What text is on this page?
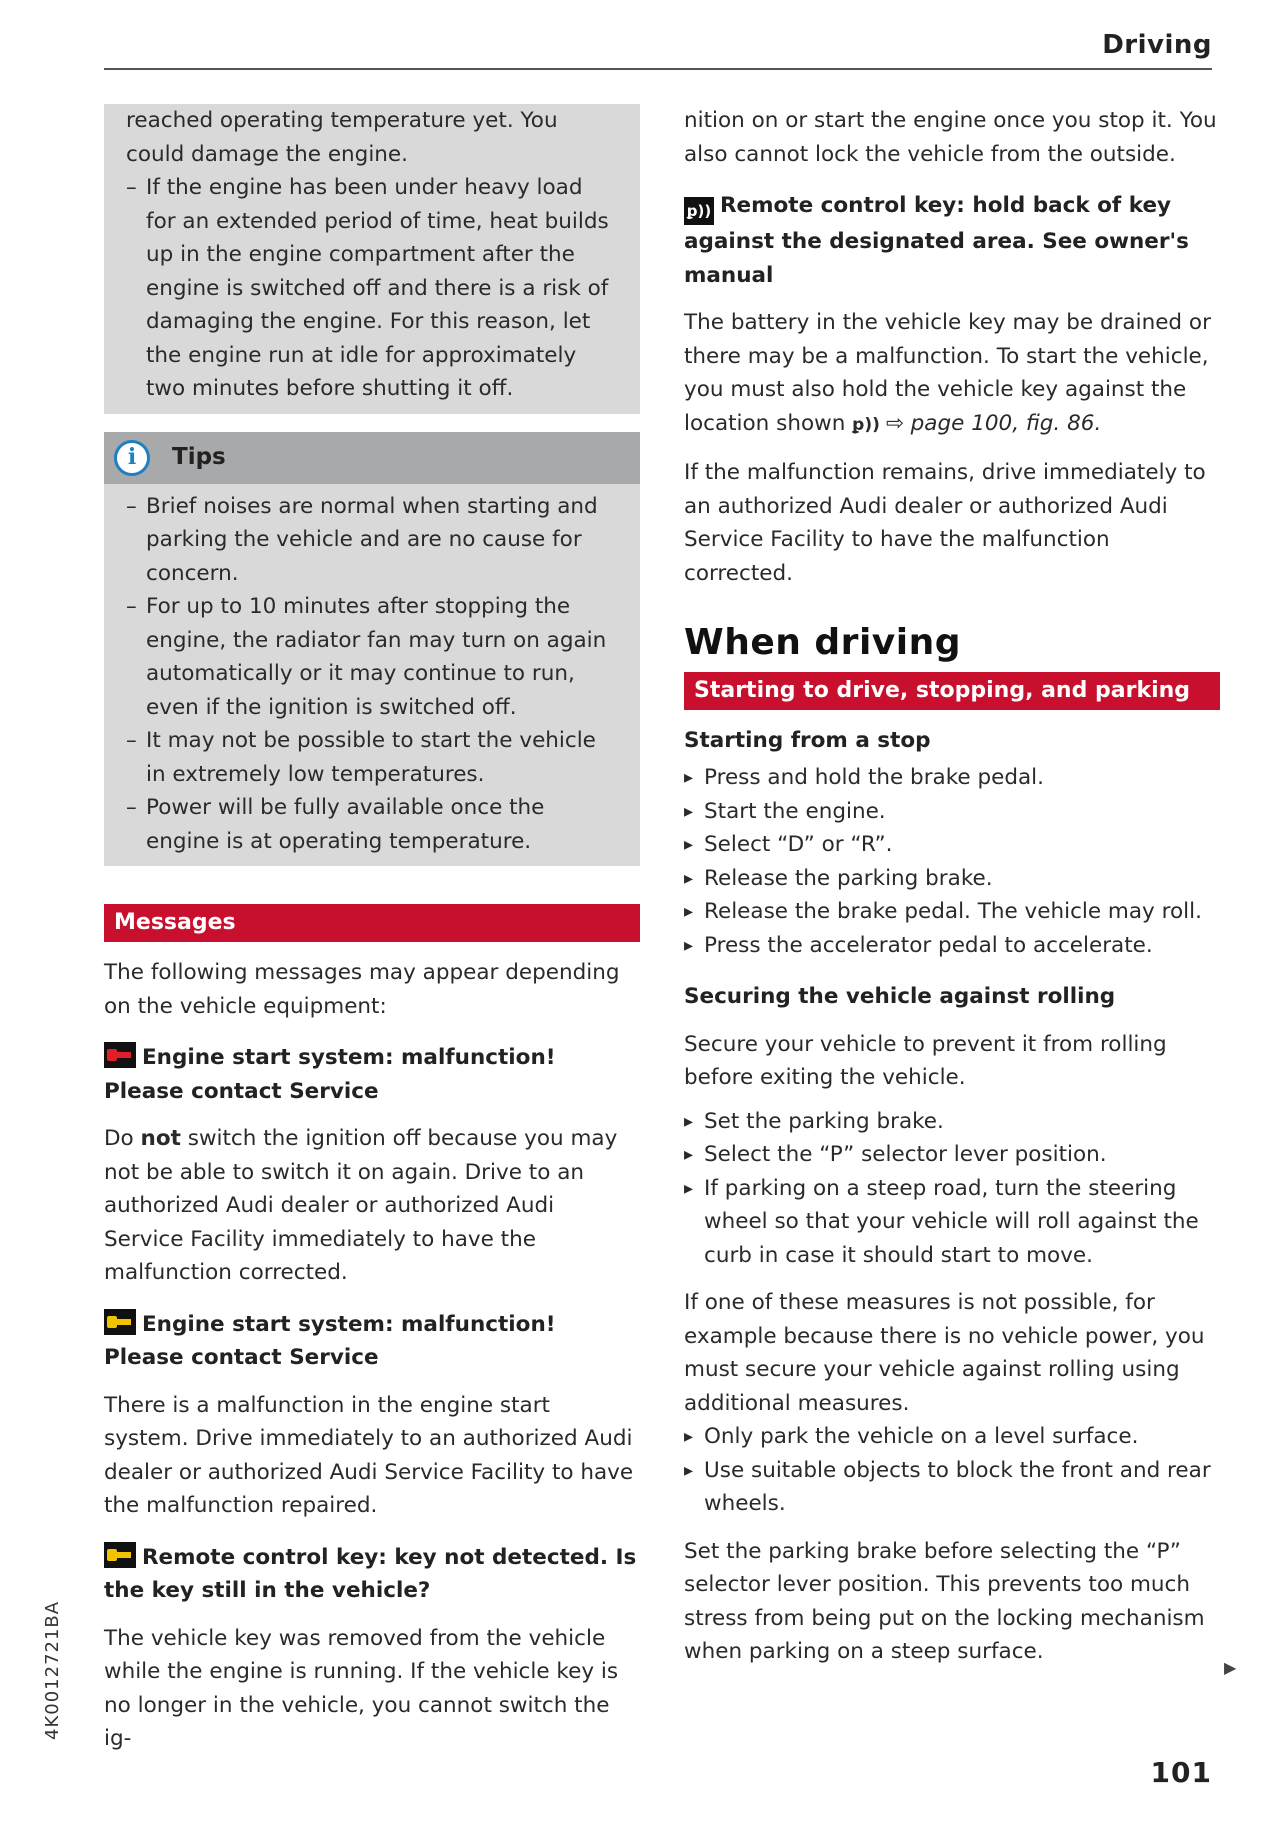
Driving

reached operating temperature yet. You could damage the engine.

– If the engine has been under heavy load for an extended period of time, heat builds up in the engine compartment after the engine is switched off and there is a risk of damaging the engine. For this reason, let the engine run at idle for approximately two minutes before shutting it off.
i	Tips
– Brief noises are normal when starting and parking the vehicle and are no cause for concern.
– For up to 10 minutes after stopping the engine, the radiator fan may turn on again automatically or it may continue to run, even if the ignition is switched off.
– It may not be possible to start the vehicle in extremely low temperatures.
– Power will be fully available once the engine is at operating temperature.
Messages

The following messages may appear depending on the vehicle equipment:

Engine start system: malfunction! Please contact Service

Do not switch the ignition off because you may not be able to switch it on again. Drive to an authorized Audi dealer or authorized Audi Service Facility immediately to have the malfunction corrected.

Engine start system: malfunction! Please contact Service

There is a malfunction in the engine start system. Drive immediately to an authorized Audi dealer or authorized Audi Service Facility to have the malfunction repaired.

Remote control key: key not detected. Is the key still in the vehicle?

The vehicle key was removed from the vehicle while the engine is running. If the vehicle key is no longer in the vehicle, you cannot switch the ig-

nition on or start the engine once you stop it. You also cannot lock the vehicle from the outside.

ꝑ)) Remote control key: hold back of key against the designated area. See owner's manual

The battery in the vehicle key may be drained or there may be a malfunction. To start the vehicle, you must also hold the vehicle key against the location shown ꝑ)) ⇨ page 100, fig. 86.

If the malfunction remains, drive immediately to an authorized Audi dealer or authorized Audi Service Facility to have the malfunction corrected.

When driving

Starting to drive, stopping, and parking

Starting from a stop

▸ Press and hold the brake pedal.
▸ Start the engine.
▸ Select “D” or “R”.
▸ Release the parking brake.
▸ Release the brake pedal. The vehicle may roll.
▸ Press the accelerator pedal to accelerate.

Securing the vehicle against rolling

Secure your vehicle to prevent it from rolling before exiting the vehicle.

▸ Set the parking brake.
▸ Select the “P” selector lever position.
▸ If parking on a steep road, turn the steering wheel so that your vehicle will roll against the curb in case it should start to move.

If one of these measures is not possible, for example because there is no vehicle power, you must secure your vehicle against rolling using additional measures.

▸ Only park the vehicle on a level surface.
▸ Use suitable objects to block the front and rear wheels.

Set the parking brake before selecting the “P” selector lever position. This prevents too much stress from being put on the locking mechanism when parking on a steep surface.

▶
101
4K0012721BA
